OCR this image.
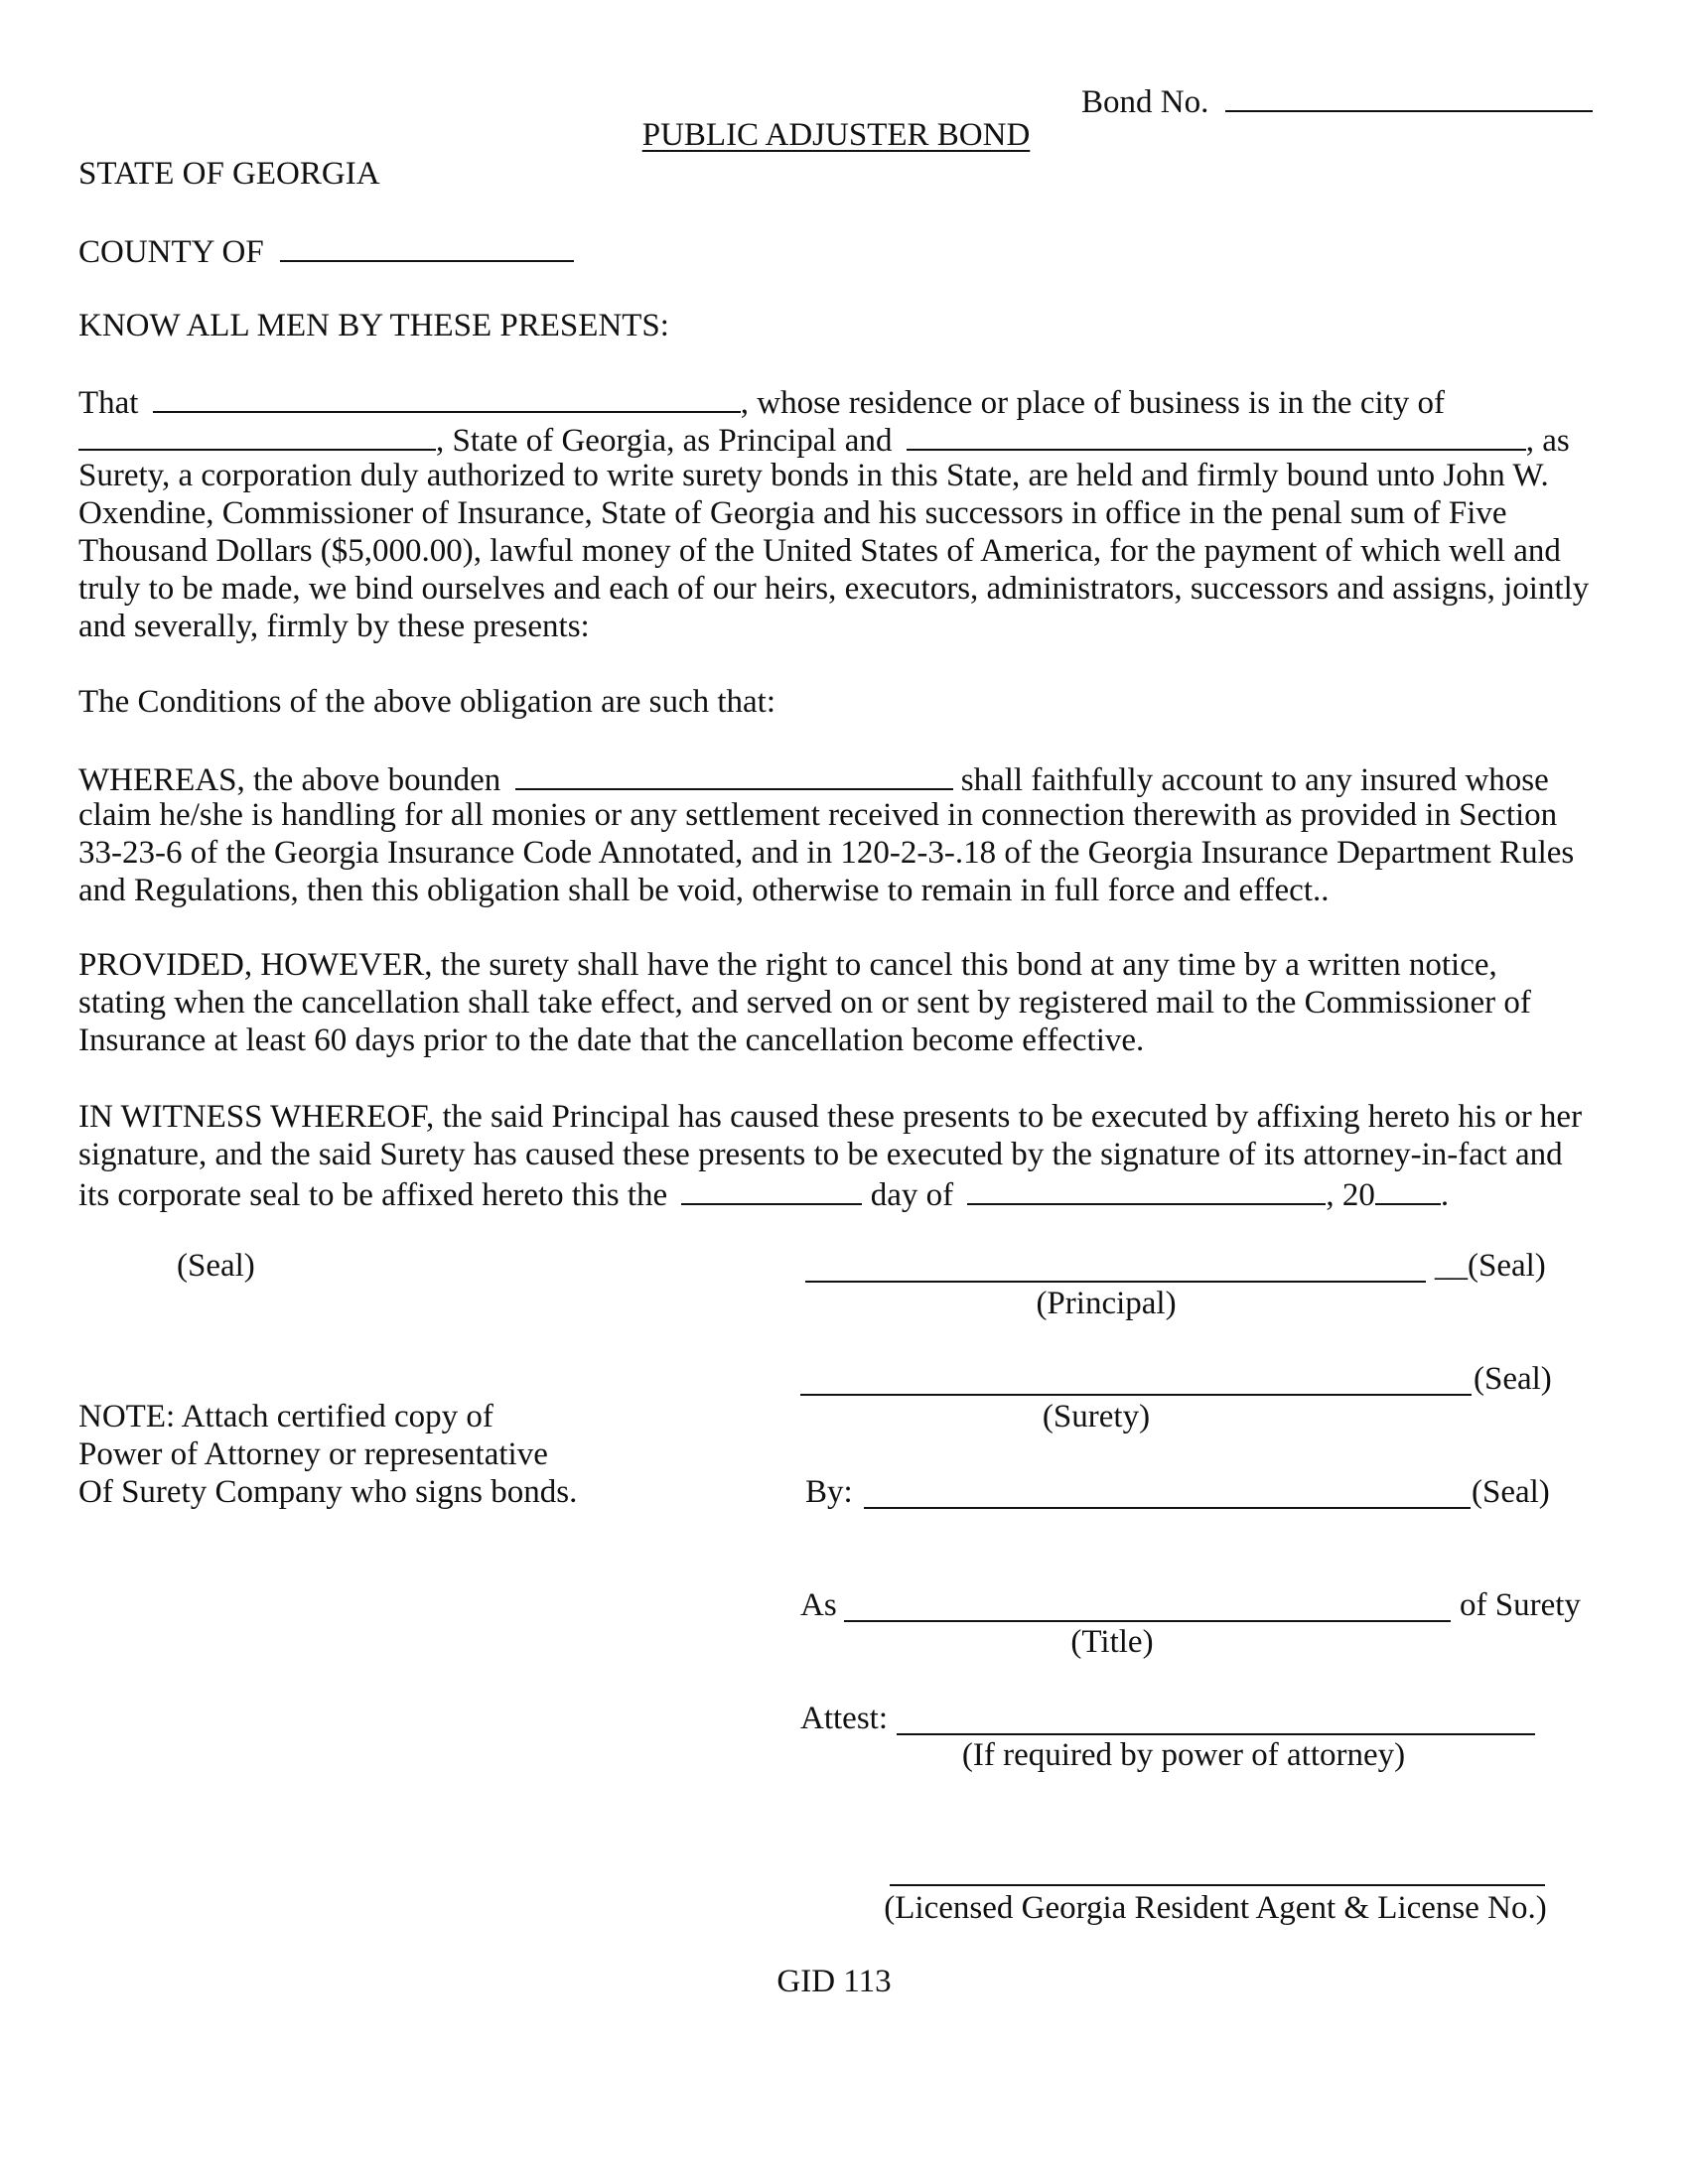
Bond No.
PUBLIC ADJUSTER BOND
STATE OF GEORGIA
COUNTY OF
KNOW ALL MEN BY THESE PRESENTS:
That	, whose residence or place of business is in the city of
, State of Georgia, as Principal and	, as
Surety, a corporation duly authorized to write surety bonds in this State, are held and firmly bound unto John W.
Oxendine, Commissioner of Insurance, State of Georgia and his successors in office in the penal sum of Five
Thousand Dollars ($5,000.00), lawful money of the United States of America, for the payment of which well and
truly to be made, we bind ourselves and each of our heirs, executors, administrators, successors and assigns, jointly
and severally, firmly by these presents:
The Conditions of the above obligation are such that:
WHEREAS, the above bounden	shall faithfully account to any insured whose
claim he/she is handling for all monies or any settlement received in connection therewith as provided in Section
33-23-6 of the Georgia Insurance Code Annotated, and in 120-2-3-.18 of the Georgia Insurance Department Rules
and Regulations, then this obligation shall be void, otherwise to remain in full force and effect..
PROVIDED, HOWEVER, the surety shall have the right to cancel this bond at any time by a written notice,
stating when the cancellation shall take effect, and served on or sent by registered mail to the Commissioner of
Insurance at least 60 days prior to the date that the cancellation become effective.
IN WITNESS WHEREOF, the said Principal has caused these presents to be executed by affixing hereto his or her
signature, and the said Surety has caused these presents to be executed by the signature of its attorney-in-fact and
its corporate seal to be affixed hereto this the	day of	, 20 .
(Seal)	__(Seal)
(Principal)
(Seal)
(Surety)
NOTE: Attach certified copy of
Power of Attorney or representative
Of Surety Company who signs bonds.	By:	(Seal)
As	of Surety
(Title)
Attest:
(If required by power of attorney)
(Licensed Georgia Resident Agent & License No.)
GID 113
